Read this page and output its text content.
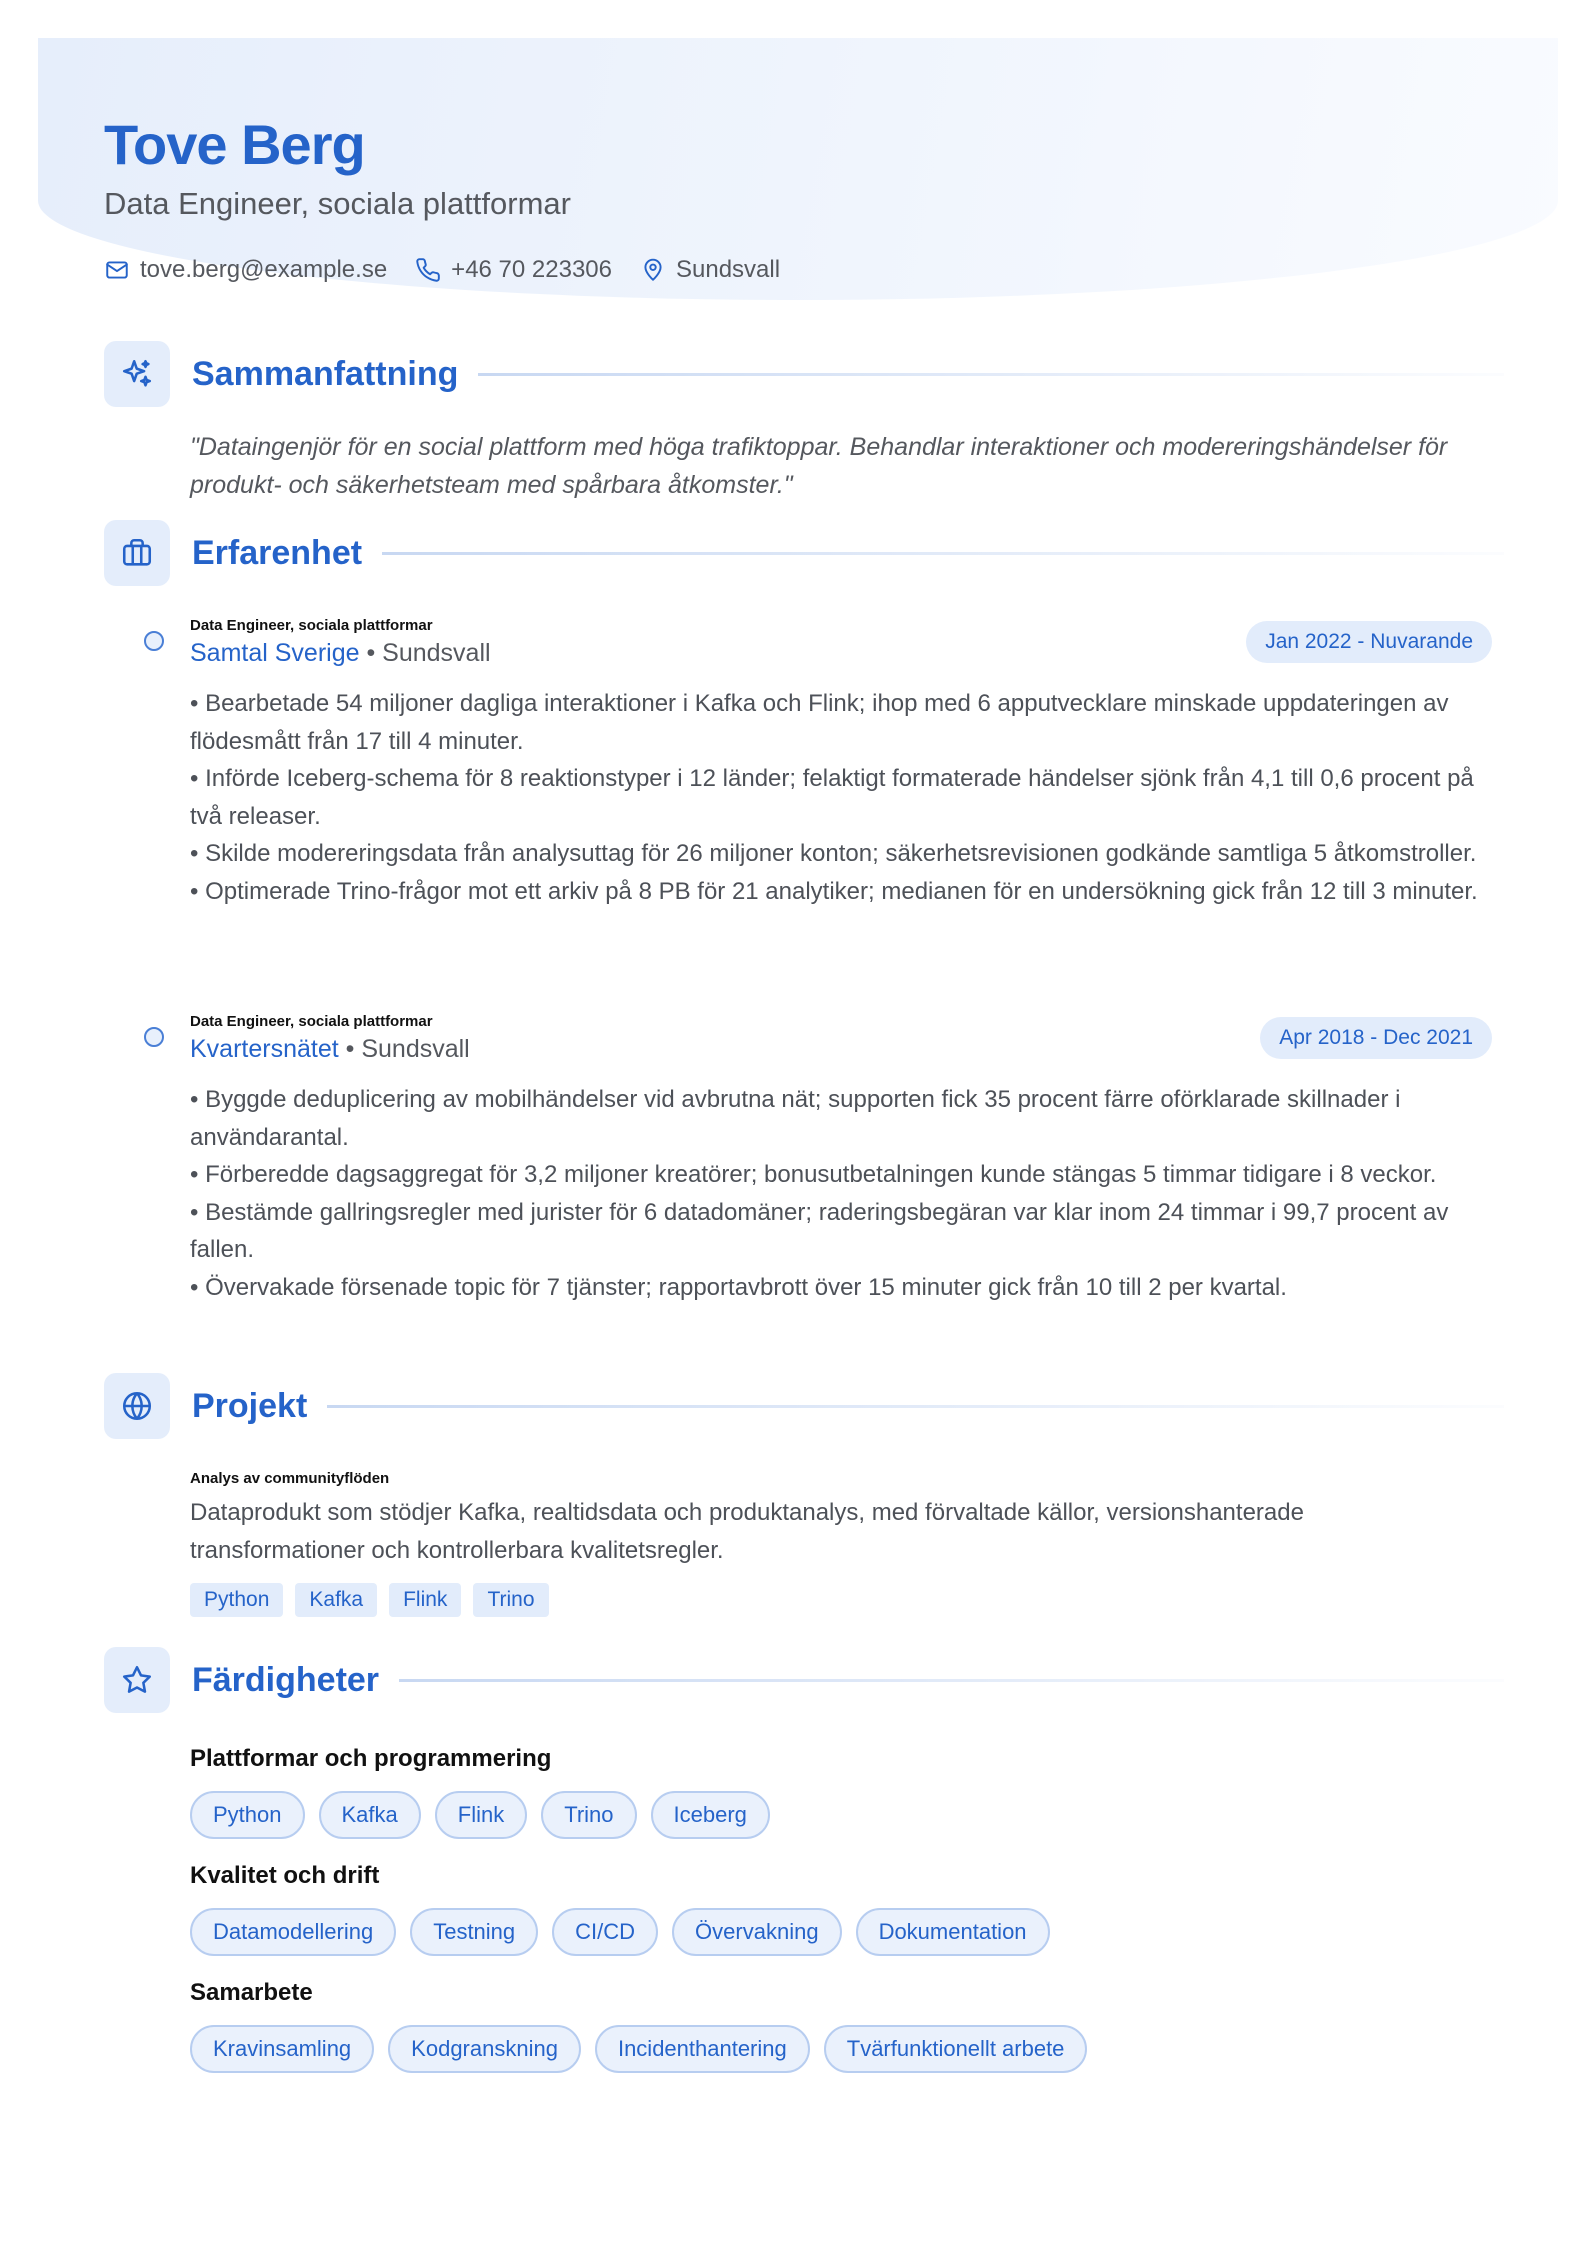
Tove Berg
Data Engineer, sociala plattformar
tove.berg@example.se	+46 70 223306	Sundsvall
Sammanfattning
"Dataingenjör för en social plattform med höga trafiktoppar. Behandlar interaktioner och modereringshändelser för produkt- och säkerhetsteam med spårbara åtkomster."
Erfarenhet
Data Engineer, sociala plattformar
Samtal Sverige • Sundsvall	Jan 2022 - Nuvarande
• Bearbetade 54 miljoner dagliga interaktioner i Kafka och Flink; ihop med 6 apputvecklare minskade uppdateringen av flödesmått från 17 till 4 minuter.
• Införde Iceberg-schema för 8 reaktionstyper i 12 länder; felaktigt formaterade händelser sjönk från 4,1 till 0,6 procent på två releaser.
• Skilde modereringsdata från analysuttag för 26 miljoner konton; säkerhetsrevisionen godkände samtliga 5 åtkomstroller.
• Optimerade Trino-frågor mot ett arkiv på 8 PB för 21 analytiker; medianen för en undersökning gick från 12 till 3 minuter.
Data Engineer, sociala plattformar
Kvartersnätet • Sundsvall	Apr 2018 - Dec 2021
• Byggde deduplicering av mobilhändelser vid avbrutna nät; supporten fick 35 procent färre oförklarade skillnader i användarantal.
• Förberedde dagsaggregat för 3,2 miljoner kreatörer; bonusutbetalningen kunde stängas 5 timmar tidigare i 8 veckor.
• Bestämde gallringsregler med jurister för 6 datadomäner; raderingsbegäran var klar inom 24 timmar i 99,7 procent av fallen.
• Övervakade försenade topic för 7 tjänster; rapportavbrott över 15 minuter gick från 10 till 2 per kvartal.
Projekt
Analys av communityflöden
Dataprodukt som stödjer Kafka, realtidsdata och produktanalys, med förvaltade källor, versionshanterade transformationer och kontrollerbara kvalitetsregler.
Python	Kafka	Flink	Trino
Färdigheter
Plattformar och programmering
Python	Kafka	Flink	Trino	Iceberg
Kvalitet och drift
Datamodellering	Testning	CI/CD	Övervakning	Dokumentation
Samarbete
Kravinsamling	Kodgranskning	Incidenthantering	Tvärfunktionellt arbete
